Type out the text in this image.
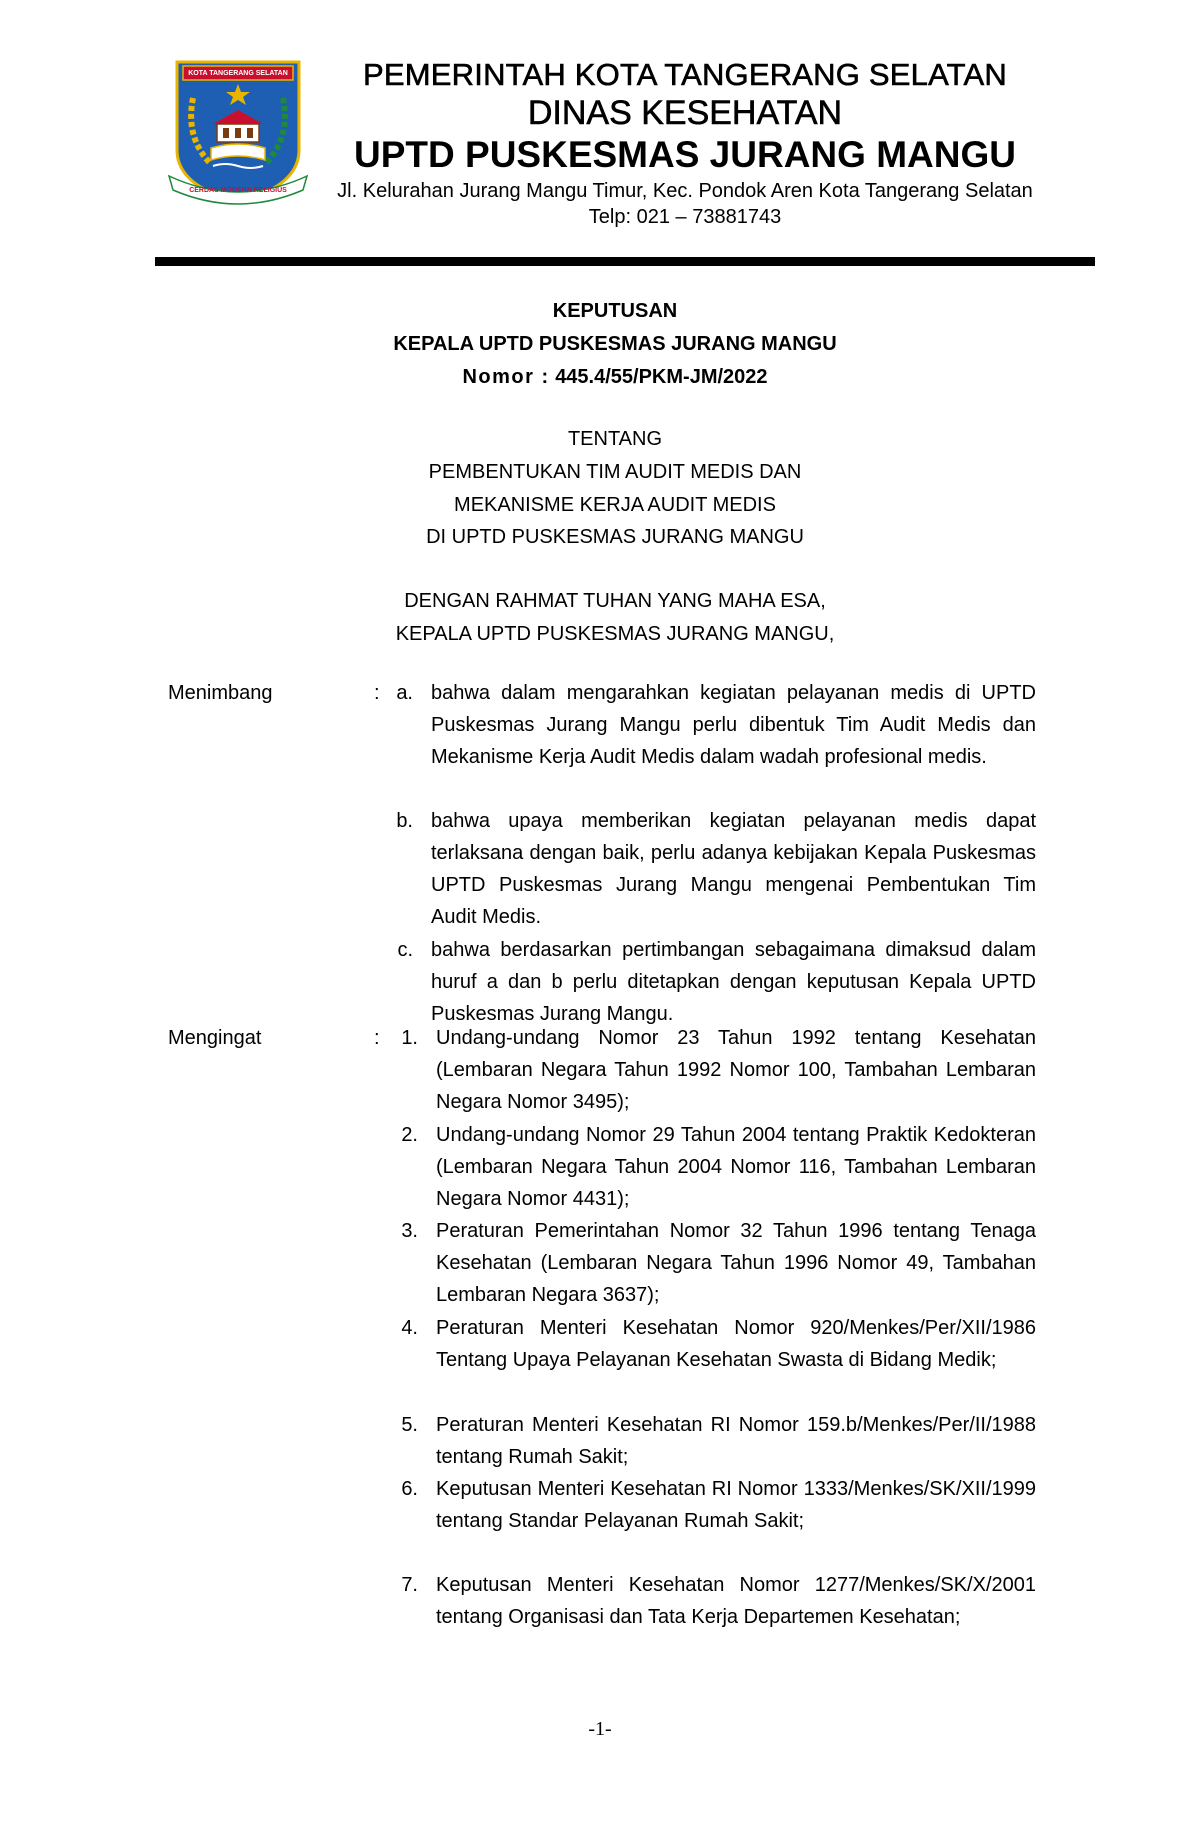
KOTA TANGERANG SELATAN
CERDAS MODERN RELIGIUS
PEMERINTAH KOTA TANGERANG SELATAN
DINAS KESEHATAN
UPTD PUSKESMAS JURANG MANGU
Jl. Kelurahan Jurang Mangu Timur, Kec. Pondok Aren Kota Tangerang Selatan
Telp: 021 – 73881743
KEPUTUSAN
KEPALA UPTD PUSKESMAS JURANG MANGU
Nomor : 445.4/55/PKM-JM/2022
TENTANG
PEMBENTUKAN TIM AUDIT MEDIS DAN
MEKANISME KERJA AUDIT MEDIS
DI UPTD PUSKESMAS JURANG MANGU
DENGAN RAHMAT TUHAN YANG MAHA ESA,
KEPALA UPTD PUSKESMAS JURANG MANGU,
Menimbang	: a. bahwa dalam mengarahkan kegiatan pelayanan medis di UPTD Puskesmas Jurang Mangu perlu dibentuk Tim Audit Medis dan Mekanisme Kerja Audit Medis dalam wadah profesional medis.
b. bahwa upaya memberikan kegiatan pelayanan medis dapat terlaksana dengan baik, perlu adanya kebijakan Kepala Puskesmas UPTD Puskesmas Jurang Mangu mengenai Pembentukan Tim Audit Medis.
c. bahwa berdasarkan pertimbangan sebagaimana dimaksud dalam huruf a dan b perlu ditetapkan dengan keputusan Kepala UPTD Puskesmas Jurang Mangu.
Mengingat	:	1. Undang-undang Nomor 23 Tahun 1992 tentang Kesehatan (Lembaran Negara Tahun 1992 Nomor 100, Tambahan Lembaran Negara Nomor 3495);
2. Undang-undang Nomor 29 Tahun 2004 tentang Praktik Kedokteran (Lembaran Negara Tahun 2004 Nomor 116, Tambahan Lembaran Negara Nomor 4431);
3. Peraturan Pemerintahan Nomor 32 Tahun 1996 tentang Tenaga Kesehatan (Lembaran Negara Tahun 1996 Nomor 49, Tambahan Lembaran Negara 3637);
4. Peraturan Menteri Kesehatan Nomor 920/Menkes/Per/XII/1986 Tentang Upaya Pelayanan Kesehatan Swasta di Bidang Medik;
5. Peraturan Menteri Kesehatan RI Nomor 159.b/Menkes/Per/II/1988 tentang Rumah Sakit;
6. Keputusan Menteri Kesehatan RI Nomor 1333/Menkes/SK/XII/1999 tentang Standar Pelayanan Rumah Sakit;
7. Keputusan Menteri Kesehatan Nomor 1277/Menkes/SK/X/2001 tentang Organisasi dan Tata Kerja Departemen Kesehatan;
-1-
